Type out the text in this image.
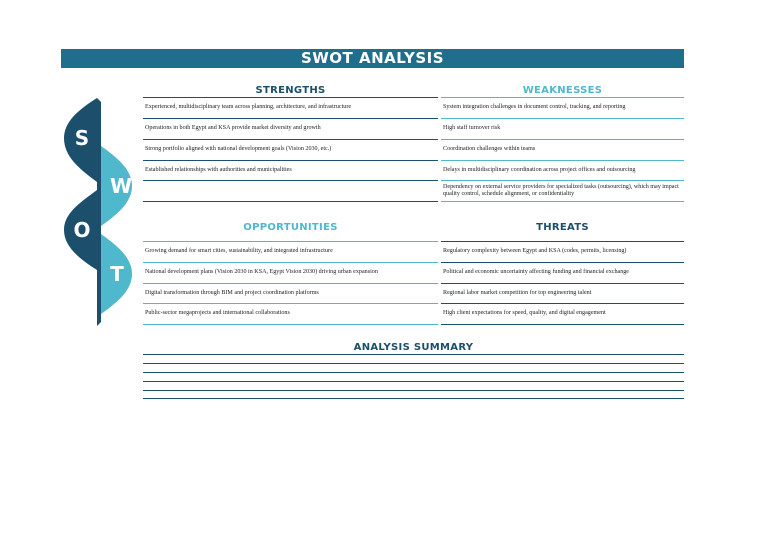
SWOT ANALYSIS
S
W
O
T
STRENGTHS	WEAKNESSES
OPPORTUNITIES	THREATS
Experienced, multidisciplinary team across planning, architecture, and infrastructure
Operations in both Egypt and KSA provide market diversity and growth
Strong portfolio aligned with national development goals (Vision 2030, etc.)
Established relationships with authorities and municipalities
System integration challenges in document control, tracking, and reporting
High staff turnover risk
Coordination challenges within teams
Delays in multidisciplinary coordination across project offices and outsourcing
Dependency on external service providers for specialized tasks (outsourcing), which may impact quality control, schedule alignment, or confidentiality
Growing demand for smart cities, sustainability, and integrated infrastructure
National development plans (Vision 2030 in KSA, Egypt Vision 2030) driving urban expansion
Digital transformation through BIM and project coordination platforms
Public-sector megaprojects and international collaborations
Regulatory complexity between Egypt and KSA (codes, permits, licensing)
Political and economic uncertainty affecting funding and financial exchange
Regional labor market competition for top engineering talent
High client expectations for speed, quality, and digital engagement
ANALYSIS SUMMARY
